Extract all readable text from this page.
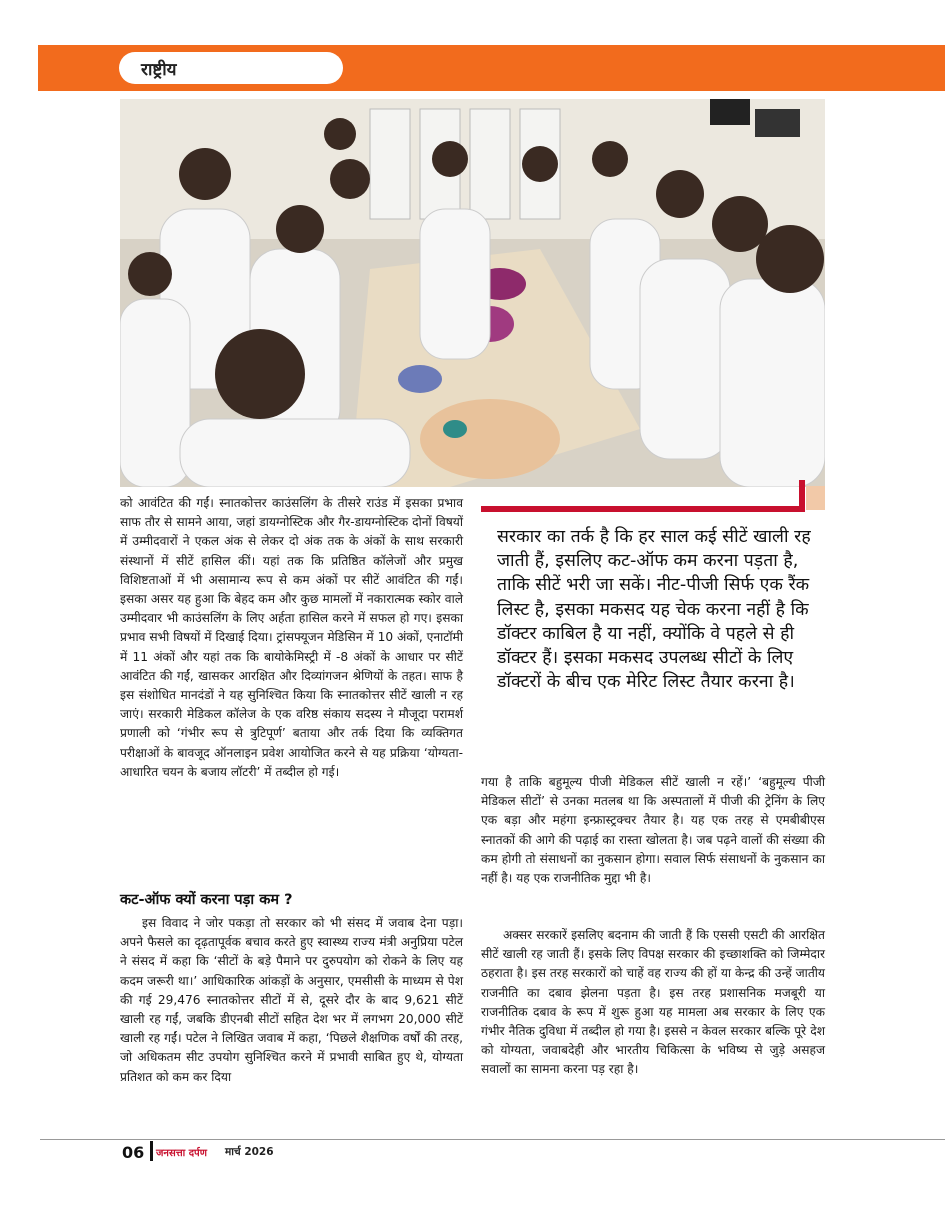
राष्ट्रीय

को आवंटित की गईं। स्नातकोत्तर काउंसलिंग के तीसरे राउंड में इसका प्रभाव साफ तौर से सामने आया, जहां डायग्नोस्टिक और गैर-डायग्नोस्टिक दोनों विषयों में उम्मीदवारों ने एकल अंक से लेकर दो अंक तक के अंकों के साथ सरकारी संस्थानों में सीटें हासिल कीं। यहां तक कि प्रतिष्ठित कॉलेजों और प्रमुख विशिष्टताओं में भी असामान्य रूप से कम अंकों पर सीटें आवंटित की गईं। इसका असर यह हुआ कि बेहद कम और कुछ मामलों में नकारात्मक स्कोर वाले उम्मीदवार भी काउंसलिंग के लिए अर्हता हासिल करने में सफल हो गए। इसका प्रभाव सभी विषयों में दिखाई दिया। ट्रांसफ्यूजन मेडिसिन में 10 अंकों, एनाटॉमी में 11 अंकों और यहां तक कि बायोकेमिस्ट्री में -8 अंकों के आधार पर सीटें आवंटित की गईं, खासकर आरक्षित और दिव्यांगजन श्रेणियों के तहत। साफ है इस संशोधित मानदंडों ने यह सुनिश्चित किया कि स्नातकोत्तर सीटें खाली न रह जाएं। सरकारी मेडिकल कॉलेज के एक वरिष्ठ संकाय सदस्य ने मौजूदा परामर्श प्रणाली को ‘गंभीर रूप से त्रुटिपूर्ण’ बताया और तर्क दिया कि व्यक्तिगत परीक्षाओं के बावजूद ऑनलाइन प्रवेश आयोजित करने से यह प्रक्रिया ‘योग्यता-आधारित चयन के बजाय लॉटरी’ में तब्दील हो गई।

कट-ऑफ क्यों करना पड़ा कम ?

इस विवाद ने जोर पकड़ा तो सरकार को भी संसद में जवाब देना पड़ा। अपने फैसले का दृढ़तापूर्वक बचाव करते हुए स्वास्थ्य राज्य मंत्री अनुप्रिया पटेल ने संसद में कहा कि ‘सीटों के बड़े पैमाने पर दुरुपयोग को रोकने के लिए यह कदम जरूरी था।’ आधिकारिक आंकड़ों के अनुसार, एमसीसी के माध्यम से पेश की गई 29,476 स्नातकोत्तर सीटों में से, दूसरे दौर के बाद 9,621 सीटें खाली रह गईं, जबकि डीएनबी सीटों सहित देश भर में लगभग 20,000 सीटें खाली रह गईं। पटेल ने लिखित जवाब में कहा, ‘पिछले शैक्षणिक वर्षों की तरह, जो अधिकतम सीट उपयोग सुनिश्चित करने में प्रभावी साबित हुए थे, योग्यता प्रतिशत को कम कर दिया

सरकार का तर्क है कि हर साल कई सीटें खाली रह जाती हैं, इसलिए कट-ऑफ कम करना पड़ता है, ताकि सीटें भरी जा सकें। नीट-पीजी सिर्फ एक रैंक लिस्ट है, इसका मकसद यह चेक करना नहीं है कि डॉक्टर काबिल है या नहीं, क्योंकि वे पहले से ही डॉक्टर हैं। इसका मकसद उपलब्ध सीटों के लिए डॉक्टरों के बीच एक मेरिट लिस्ट तैयार करना है।

गया है ताकि बहुमूल्य पीजी मेडिकल सीटें खाली न रहें।’ ‘बहुमूल्य पीजी मेडिकल सीटों’ से उनका मतलब था कि अस्पतालों में पीजी की ट्रेनिंग के लिए एक बड़ा और महंगा इन्फ्रास्ट्रक्चर तैयार है। यह एक तरह से एमबीबीएस स्नातकों की आगे की पढ़ाई का रास्ता खोलता है। जब पढ़ने वालों की संख्या की कम होगी तो संसाधनों का नुकसान होगा। सवाल सिर्फ संसाधनों के नुकसान का नहीं है। यह एक राजनीतिक मुद्दा भी है।

अक्सर सरकारें इसलिए बदनाम की जाती हैं कि एससी एसटी की आरक्षित सीटें खाली रह जाती हैं। इसके लिए विपक्ष सरकार की इच्छाशक्ति को जिम्मेदार ठहराता है। इस तरह सरकारों को चाहें वह राज्य की हों या केन्द्र की उन्हें जातीय राजनीति का दबाव झेलना पड़ता है। इस तरह प्रशासनिक मजबूरी या राजनीतिक दबाव के रूप में शुरू हुआ यह मामला अब सरकार के लिए एक गंभीर नैतिक दुविधा में तब्दील हो गया है। इससे न केवल सरकार बल्कि पूरे देश को योग्यता, जवाबदेही और भारतीय चिकित्सा के भविष्य से जुड़े असहज सवालों का सामना करना पड़ रहा है।

06 जनसत्ता दर्पण मार्च 2026
